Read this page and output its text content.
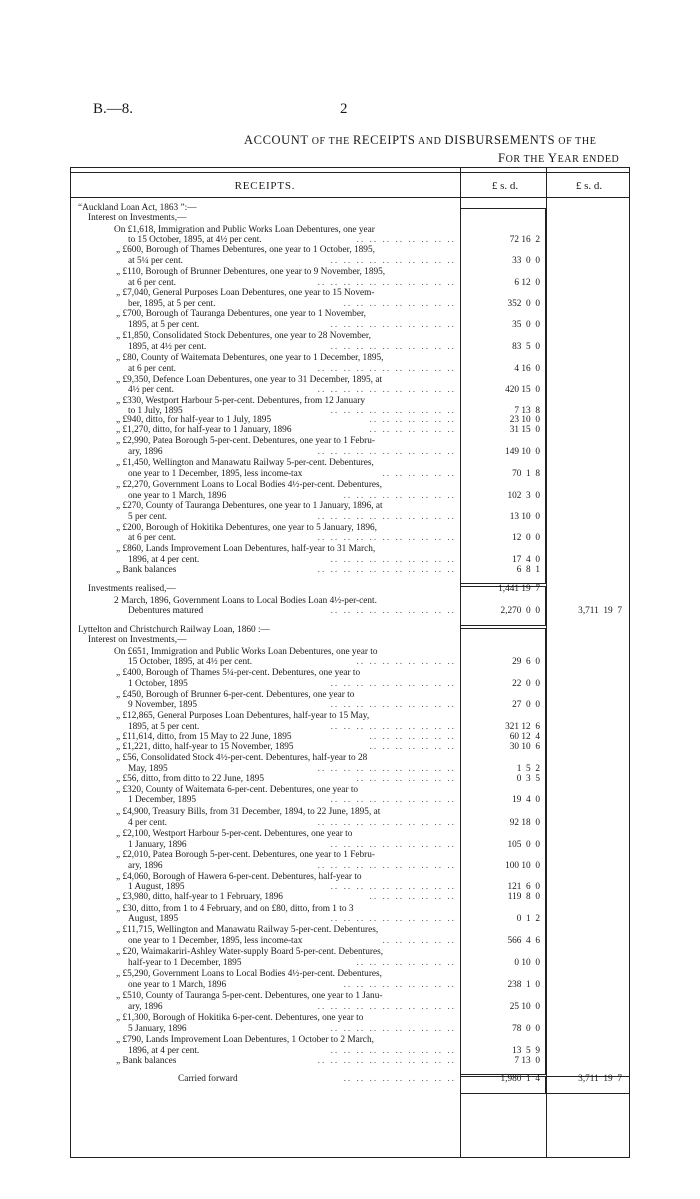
B.—8.	2
ACCOUNT OF THE RECEIPTS AND DISBURSEMENTS OF THE
FOR THE YEAR ENDED
RECEIPTS.	£ s. d.	£ s. d.
“Auckland Loan Act, 1863 ”:—
Interest on Investments,—
On £1,618, Immigration and Public Works Loan Debentures, one year
to 15 October, 1895, at 4½ per cent.	.. .. .. .. .. .. .. ..	72 16  2
„ £600, Borough of Thames Debentures, one year to 1 October, 1895,
at 5¼ per cent.	.. .. .. .. .. .. .. .. .. ..	33  0  0
„ £110, Borough of Brunner Debentures, one year to 9 November, 1895,
at 6 per cent.	.. .. .. .. .. .. .. .. .. .. ..	6 12  0
„ £7,040, General Purposes Loan Debentures, one year to 15 Novem-
ber, 1895, at 5 per cent.	.. .. .. .. .. .. .. .. ..	352  0  0
„ £700, Borough of Tauranga Debentures, one year to 1 November,
1895, at 5 per cent.	.. .. .. .. .. .. .. .. .. ..	35  0  0
„ £1,850, Consolidated Stock Debentures, one year to 28 November,
1895, at 4½ per cent.	.. .. .. .. .. .. .. .. .. ..	83  5  0
„ £80, County of Waitemata Debentures, one year to 1 December, 1895,
at 6 per cent.	.. .. .. .. .. .. .. .. .. .. ..	4 16  0
„ £9,350, Defence Loan Debentures, one year to 31 December, 1895, at
4½ per cent.	.. .. .. .. .. .. .. .. .. .. ..	420 15  0
„ £330, Westport Harbour 5-per-cent. Debentures, from 12 January
to 1 July, 1895	.. .. .. .. .. .. .. .. .. ..	7 13  8
„ £940, ditto, for half-year to 1 July, 1895	.. .. .. .. .. .. ..	23 10  0
„ £1,270, ditto, for half-year to 1 January, 1896	.. .. .. .. .. .. ..	31 15  0
„ £2,990, Patea Borough 5-per-cent. Debentures, one year to 1 Febru-
ary, 1896	.. .. .. .. .. .. .. .. .. .. ..	149 10  0
„ £1,450, Wellington and Manawatu Railway 5-per-cent. Debentures,
one year to 1 December, 1895, less income-tax	.. .. .. .. .. ..	70  1  8
„ £2,270, Government Loans to Local Bodies 4½-per-cent. Debentures,
one year to 1 March, 1896	.. .. .. .. .. .. .. .. ..	102  3  0
„ £270, County of Tauranga Debentures, one year to 1 January, 1896, at
5 per cent.	.. .. .. .. .. .. .. .. .. .. ..	13 10  0
„ £200, Borough of Hokitika Debentures, one year to 5 January, 1896,
at 6 per cent.	.. .. .. .. .. .. .. .. .. .. ..	12  0  0
„ £860, Lands Improvement Loan Debentures, half-year to 31 March,
1896, at 4 per cent.	.. .. .. .. .. .. .. .. .. ..	17  4  0
„ Bank balances	.. .. .. .. .. .. .. .. .. .. ..	6  8  1
Investments realised,—	1,441 19  7
2 March, 1896, Government Loans to Local Bodies Loan 4½-per-cent.
Debentures matured	.. .. .. .. .. .. .. .. .. ..	2,270  0  0	3,711  19  7
Lyttelton and Christchurch Railway Loan, 1860 :—
Interest on Investments,—
On £651, Immigration and Public Works Loan Debentures, one year to
15 October, 1895, at 4½ per cent.	.. .. .. .. .. .. .. ..	29  6  0
„ £400, Borough of Thames 5¼-per-cent. Debentures, one year to
1 October, 1895	.. .. .. .. .. .. .. .. .. ..	22  0  0
„ £450, Borough of Brunner 6-per-cent. Debentures, one year to
9 November, 1895	.. .. .. .. .. .. .. .. .. ..	27  0  0
„ £12,865, General Purposes Loan Debentures, half-year to 15 May,
1895, at 5 per cent.	.. .. .. .. .. .. .. .. .. ..	321 12  6
„ £11,614, ditto, from 15 May to 22 June, 1895	.. .. .. .. .. .. ..	60 12  4
„ £1,221, ditto, half-year to 15 November, 1895	.. .. .. .. .. .. ..	30 10  6
„ £56, Consolidated Stock 4½-per-cent. Debentures, half-year to 28
May, 1895	.. .. .. .. .. .. .. .. .. .. ..	1  5  2
„ £56, ditto, from ditto to 22 June, 1895	.. .. .. .. .. .. .. ..	0  3  5
„ £320, County of Waitemata 6-per-cent. Debentures, one year to
1 December, 1895	.. .. .. .. .. .. .. .. .. ..	19  4  0
„ £4,900, Treasury Bills, from 31 December, 1894, to 22 June, 1895, at
4 per cent.	.. .. .. .. .. .. .. .. .. .. ..	92 18  0
„ £2,100, Westport Harbour 5-per-cent. Debentures, one year to
1 January, 1896	.. .. .. .. .. .. .. .. .. ..	105  0  0
„ £2,010, Patea Borough 5-per-cent. Debentures, one year to 1 Febru-
ary, 1896	.. .. .. .. .. .. .. .. .. .. ..	100 10  0
„ £4,060, Borough of Hawera 6-per-cent. Debentures, half-year to
1 August, 1895	.. .. .. .. .. .. .. .. .. ..	121  6  0
„ £3,980, ditto, half-year to 1 February, 1896	.. .. .. .. .. .. ..	119  8  0
„ £30, ditto, from 1 to 4 February, and on £80, ditto, from 1 to 3
August, 1895	.. .. .. .. .. .. .. .. .. ..	0  1  2
„ £11,715, Wellington and Manawatu Railway 5-per-cent. Debentures,
one year to 1 December, 1895, less income-tax	.. .. .. .. .. ..	566  4  6
„ £20, Waimakariri-Ashley Water-supply Board 5-per-cent. Debentures,
half-year to 1 December, 1895	.. .. .. .. .. .. .. ..	0 10  0
„ £5,290, Government Loans to Local Bodies 4½-per-cent. Debentures,
one year to 1 March, 1896	.. .. .. .. .. .. .. .. ..	238  1  0
„ £510, County of Tauranga 5-per-cent. Debentures, one year to 1 Janu-
ary, 1896	.. .. .. .. .. .. .. .. .. .. ..	25 10  0
„ £1,300, Borough of Hokitika 6-per-cent. Debentures, one year to
5 January, 1896	.. .. .. .. .. .. .. .. .. ..	78  0  0
„ £790, Lands Improvement Loan Debentures, 1 October to 2 March,
1896, at 4 per cent.	.. .. .. .. .. .. .. .. .. ..	13  5  9
„ Bank balances	.. .. .. .. .. .. .. .. .. .. ..	7 13  0
Carried forward	.. .. .. .. .. .. .. .. ..	1,980  1  4	3,711  19  7
